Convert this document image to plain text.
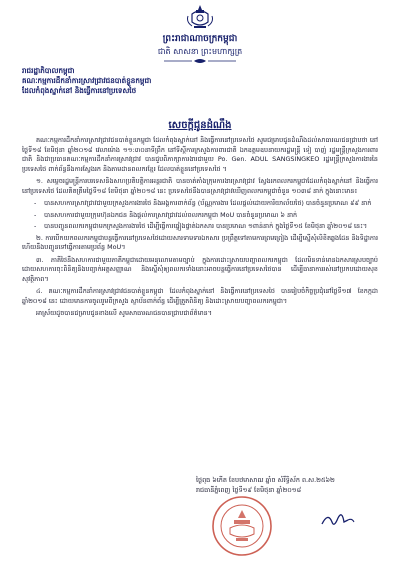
ព្រះរាជាណាចក្រកម្ពុជា
ជាតិ សាសនា ព្រះមហាក្សត្រ
រាជរដ្ឋាភិបាលកម្ពុជា
គណៈកម្មការដឹកនាំការស្រាវជ្រាវជនបាត់ខ្លួនកម្ពុជា
ដែលកំពុងស្នាក់នៅ និងធ្វើការនៅប្រទេសថៃ
សេចក្តីជូនដំណឹង

គណៈកម្មការដឹកនាំការស្រាវជ្រាវជនបាត់ខ្លួនកម្ពុជា ដែលកំពុងស្នាក់នៅ និងធ្វើការនៅប្រទេសថៃ សូមជម្រាបជូនដំណឹងដល់សាធារណជនជ្រាបថា នៅថ្ងៃទី១៨ ខែមិថុនា ឆ្នាំ២០១៨ វេលាម៉ោង ១១:៣០នាទីព្រឹក នៅទីស្តីការក្រសួងការពារជាតិ ឯកឧត្តមឧបនាយករដ្ឋមន្ត្រី ទៀ បាញ់ រដ្ឋមន្ត្រីក្រសួងការពារជាតិ និងជាប្រធានគណៈកម្មការដឹកនាំការស្រាវជ្រាវ បានជួបពិភាក្សាការងារជាមួយ Po. Gen. ADUL SANGSINGKEO រដ្ឋមន្ត្រីក្រសួងការងារនៃប្រទេសថៃ ពាក់ព័ន្ធនឹងការស្វែងរក និងតាមដានពលករខ្មែរ ដែលបាត់ខ្លួននៅប្រទេសថៃ ។

១. សម្តេចរដ្ឋមន្ត្រីការបរទេសនិងសហប្រតិបត្តិការអន្តរជាតិ បានចាត់តាំងក្រុមការងារស្រាវជ្រាវ ស្វែងរកពលករកម្ពុជាដែលកំពុងស្នាក់នៅ និងធ្វើការនៅប្រទេសថៃ ដែលគិតត្រឹមថ្ងៃទី១៨ ខែមិថុនា ឆ្នាំ២០១៨ នេះ ប្រទេសថៃនឹងបានស្រាវជ្រាវឃើញពលករកម្ពុជាចំនួន ១០៣៨ នាក់ ក្នុងនោះមាន៖

- បានសហការស្រាវជ្រាវជាមួយក្រសួងការងារថៃ និងអង្គការពាក់ព័ន្ធ (ប័ណ្ណការងារ ដែលផ្តល់ដោយការិយាល័យថៃ) បានចំនួនប្រមាណ ៩៩ នាក់

- បានសហការជាមួយក្រុមហ៊ុនឯកជន និងផ្តល់ការស្រាវជ្រាវដល់ពលករកម្ពុជា MoU បានចំនួនប្រមាណ ៦ នាក់

- បានបញ្ជូនពលករកម្ពុជាមកក្រសួងការងារថៃ ដើម្បីធ្វើការផ្ទៀងផ្ទាត់ឯកសារ បានប្រមាណ ១ពាន់នាក់ ក្នុងថ្ងៃទី១៥ ខែមិថុនា ឆ្នាំ២០១៨ នេះ។

២. ការបើកយកពលករកម្ពុជាបន្តធ្វើការនៅប្រទេសថៃដោយសារទាមទារឯកសារ ប្រព្រឹត្តទៅតាមការព្រមព្រៀង ដើម្បីស្នើសុំលិខិតឆ្លងដែន និងទិដ្ឋាការ ហើយនឹងបញ្ជូនទៅធ្វើការតាមប្រព័ន្ធ MoU។

៣. ភាគីថៃនឹងសហការជាមួយភាគីកម្ពុជាដោយអនុលោមតាមច្បាប់ ក្នុងការដោះស្រាយបញ្ហាពលករកម្ពុជា ដែលមិនទាន់មានឯកសារស្របច្បាប់ ដោយសហការចុះពិនិត្យនិងបញ្ជាក់អត្តសញ្ញាណ និងស្នើសុំឲ្យពលករទាំងនោះអាចបន្តធ្វើការនៅប្រទេសថៃបាន ដើម្បីធានាការរស់នៅប្រកបដោយសុខសុវត្ថិភាព។

៤. គណៈកម្មការដឹកនាំការស្រាវជ្រាវជនបាត់ខ្លួនកម្ពុជា ដែលកំពុងស្នាក់នៅ និងធ្វើការនៅប្រទេសថៃ បានរៀបចំកិច្ចប្រជុំនៅថ្ងៃទី១៧ ខែកក្កដា ឆ្នាំ២០១៨ នេះ ដោយមានការចូលរួមពីក្រសួង ស្ថាប័នពាក់ព័ន្ធ ដើម្បីត្រួតពិនិត្យ និងដោះស្រាយបញ្ហាពលករកម្ពុជា។

អាស្រ័យដូចបានជម្រាបជូនខាងលើ សូមសាធារណជនបានជ្រាបជាព័ត៌មាន។

ថ្ងៃពុធ ៦កើត ខែបឋមាសាឍ ឆ្នាំច សំរឹទ្ធិស័ក ព.ស.២៥៦២
រាជធានីភ្នំពេញ ថ្ងៃទី១៩ ខែមិថុនា ឆ្នាំ២០១៨
